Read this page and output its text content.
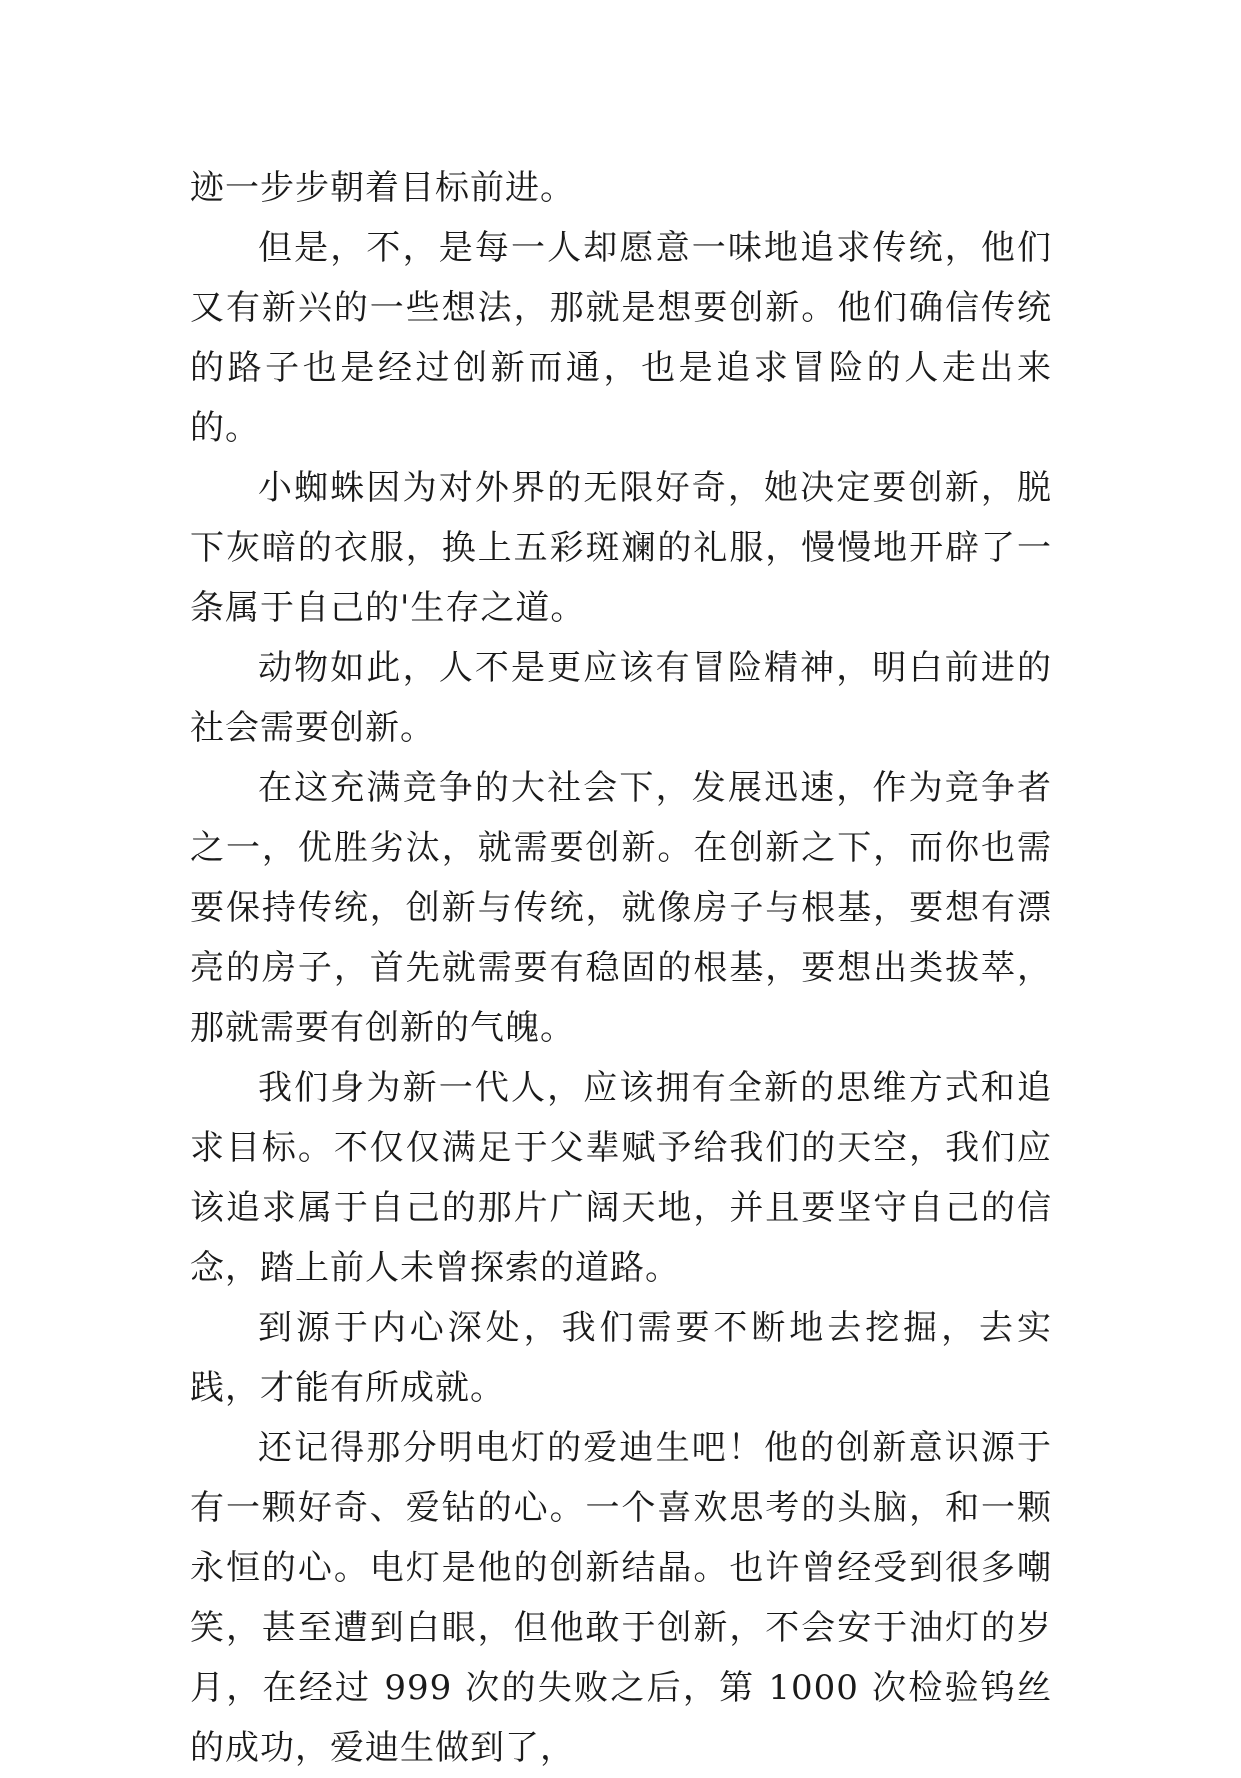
迹一步步朝着目标前进。

但是，不，是每一人却愿意一味地追求传统，他们又有新兴的一些想法，那就是想要创新。他们确信传统的路子也是经过创新而通，也是追求冒险的人走出来的。

小蜘蛛因为对外界的无限好奇，她决定要创新，脱下灰暗的衣服，换上五彩斑斓的礼服，慢慢地开辟了一条属于自己的'生存之道。

动物如此，人不是更应该有冒险精神，明白前进的社会需要创新。

在这充满竞争的大社会下，发展迅速，作为竞争者之一，优胜劣汰，就需要创新。在创新之下，而你也需要保持传统，创新与传统，就像房子与根基，要想有漂亮的房子，首先就需要有稳固的根基，要想出类拔萃，那就需要有创新的气魄。

我们身为新一代人，应该拥有全新的思维方式和追求目标。不仅仅满足于父辈赋予给我们的天空，我们应该追求属于自己的那片广阔天地，并且要坚守自己的信念，踏上前人未曾探索的道路。

到源于内心深处，我们需要不断地去挖掘，去实践，才能有所成就。

还记得那分明电灯的爱迪生吧！他的创新意识源于有一颗好奇、爱钻的心。一个喜欢思考的头脑，和一颗永恒的心。电灯是他的创新结晶。也许曾经受到很多嘲笑，甚至遭到白眼，但他敢于创新，不会安于油灯的岁月，在经过 999 次的失败之后，第 1000 次检验钨丝的成功，爱迪生做到了，
